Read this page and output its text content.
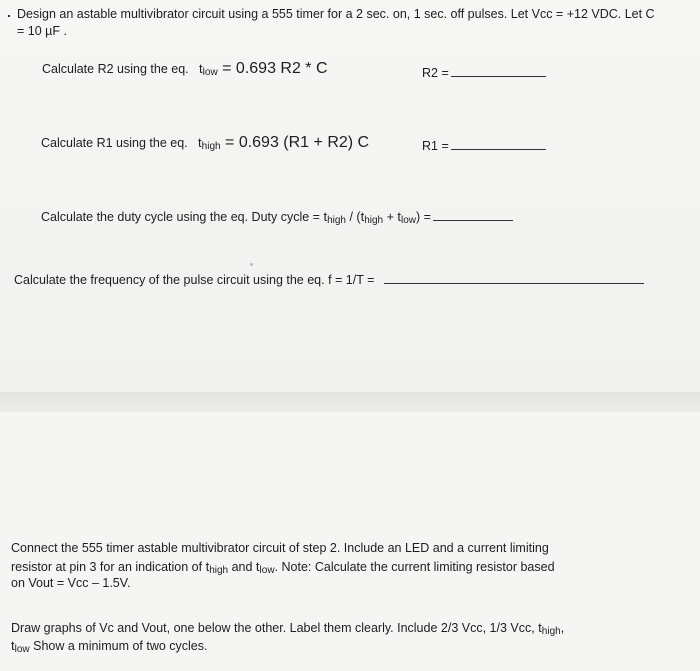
Design an astable multivibrator circuit using a 555 timer for a 2 sec. on, 1 sec. off pulses. Let Vcc = +12 VDC. Let C
= 10 µF .
Calculate R2 using the eq. tlow = 0.693 R2 * C	R2 =
Calculate R1 using the eq. thigh = 0.693 (R1 + R2) C	R1 =
Calculate the duty cycle using the eq. Duty cycle = thigh / (thigh + tlow) =
Calculate the frequency of the pulse circuit using the eq. f = 1/T =
Connect the 555 timer astable multivibrator circuit of step 2. Include an LED and a current limiting
resistor at pin 3 for an indication of thigh and tlow. Note: Calculate the current limiting resistor based
on Vout = Vcc – 1.5V.
Draw graphs of Vc and Vout, one below the other. Label them clearly. Include 2/3 Vcc, 1/3 Vcc, thigh,
tlow Show a minimum of two cycles.
